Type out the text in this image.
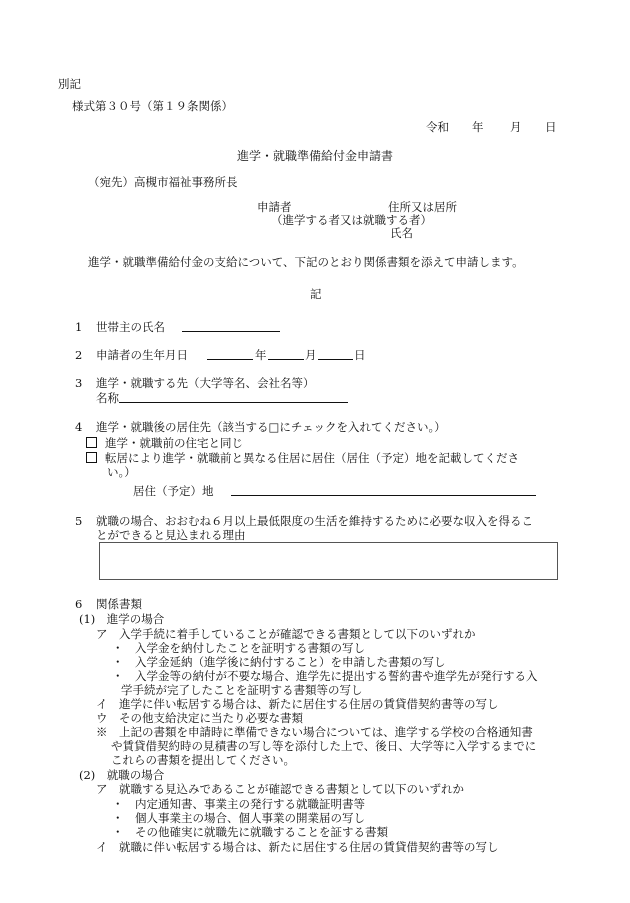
別記
様式第３０号（第１９条関係）
令和 年 月 日
進学・就職準備給付金申請書
（宛先）高槻市福祉事務所長
申請者	住所又は居所
（進学する者又は就職する者）
氏名
進学・就職準備給付金の支給について、下記のとおり関係書類を添えて申請します。
記
1 世帯主の氏名
2 申請者の生年月日	年	月	日
3 進学・就職する先（大学等名、会社名等）
名称
4 進学・就職後の居住先（該当する□にチェックを入れてください。）
進学・就職前の住宅と同じ
転居により進学・就職前と異なる住居に居住（居住（予定）地を記載してくださ
い。）
居住（予定）地
5 就職の場合、おおむね６月以上最低限度の生活を維持するために必要な収入を得るこ
とができると見込まれる理由
6 関係書類
(1)　進学の場合
ア　入学手続に着手していることが確認できる書類として以下のいずれか
・　入学金を納付したことを証明する書類の写し
・　入学金延納（進学後に納付すること）を申請した書類の写し
・　入学金等の納付が不要な場合、進学先に提出する誓約書や進学先が発行する入
学手続が完了したことを証明する書類等の写し
イ　進学に伴い転居する場合は、新たに居住する住居の賃貸借契約書等の写し
ウ　その他支給決定に当たり必要な書類
※　上記の書類を申請時に準備できない場合については、進学する学校の合格通知書
や賃貸借契約時の見積書の写し等を添付した上で、後日、大学等に入学するまでに
これらの書類を提出してください。
(2)　就職の場合
ア　就職する見込みであることが確認できる書類として以下のいずれか
・　内定通知書、事業主の発行する就職証明書等
・　個人事業主の場合、個人事業の開業届の写し
・　その他確実に就職先に就職することを証する書類
イ　就職に伴い転居する場合は、新たに居住する住居の賃貸借契約書等の写し
